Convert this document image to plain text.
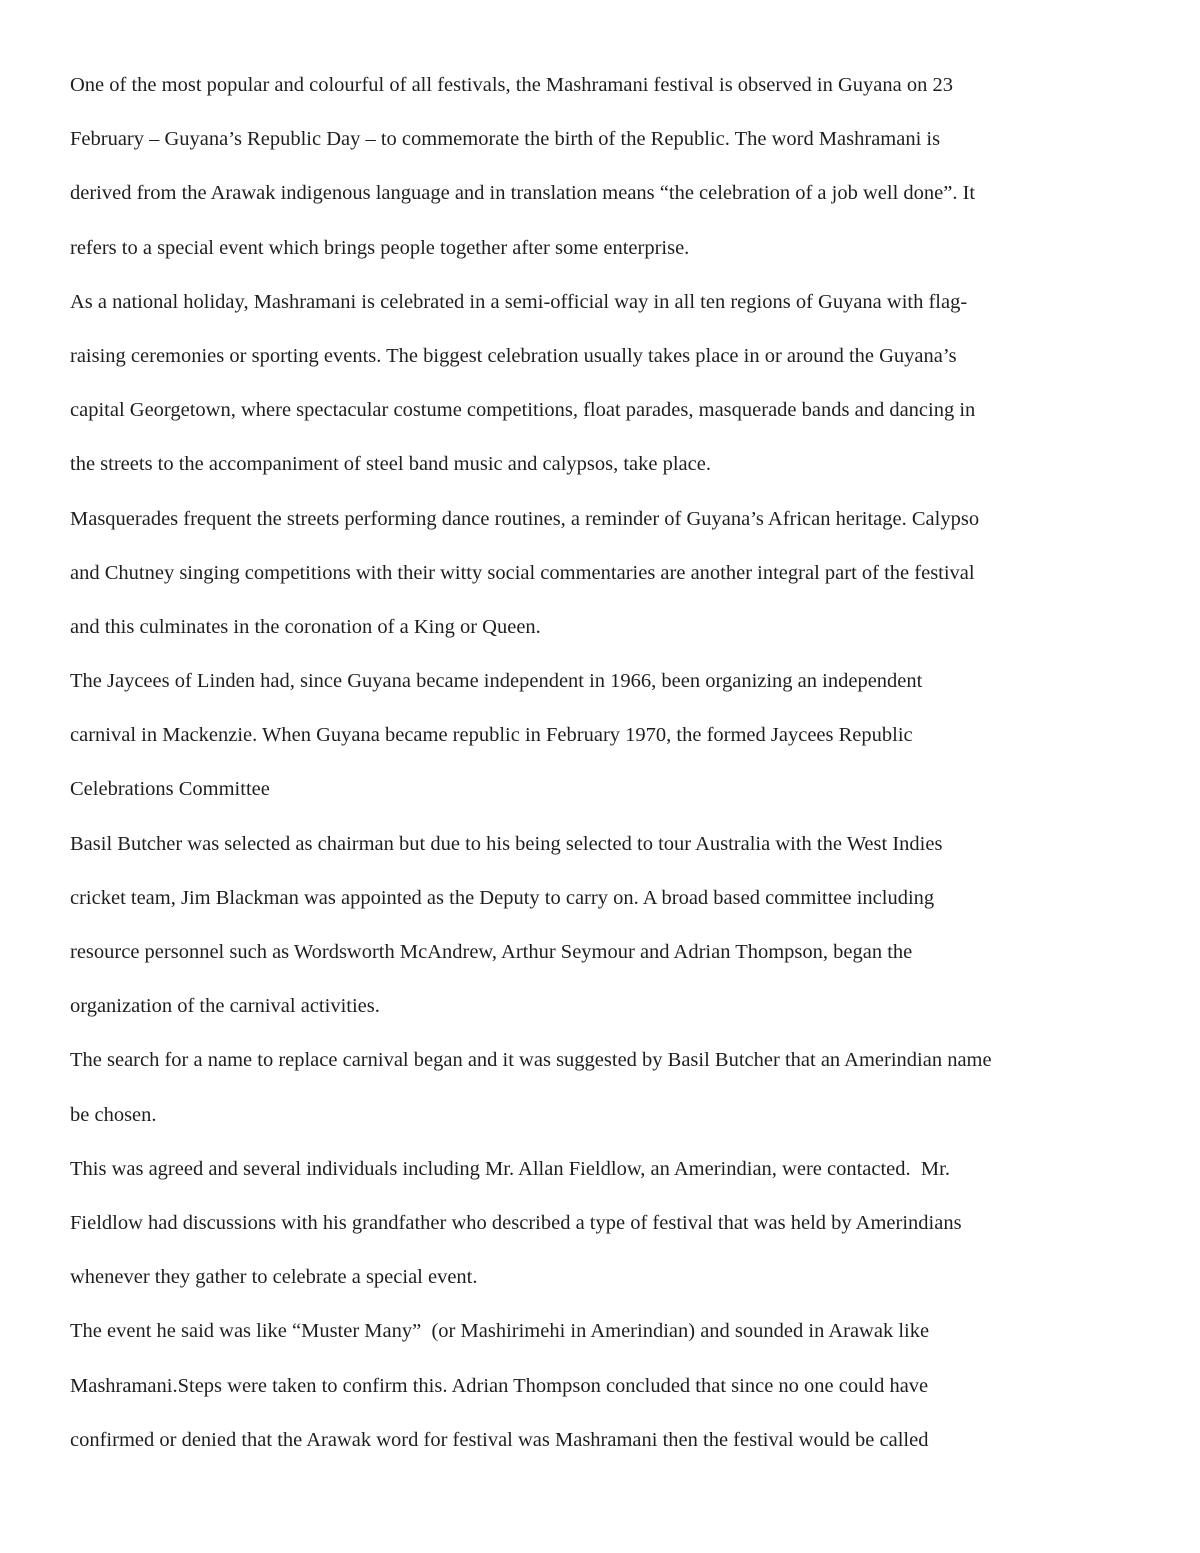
One of the most popular and colourful of all festivals, the Mashramani festival is observed in Guyana on 23
February – Guyana’s Republic Day – to commemorate the birth of the Republic. The word Mashramani is
derived from the Arawak indigenous language and in translation means “the celebration of a job well done”. It
refers to a special event which brings people together after some enterprise.
As a national holiday, Mashramani is celebrated in a semi-official way in all ten regions of Guyana with flag-
raising ceremonies or sporting events. The biggest celebration usually takes place in or around the Guyana’s
capital Georgetown, where spectacular costume competitions, float parades, masquerade bands and dancing in
the streets to the accompaniment of steel band music and calypsos, take place.
Masquerades frequent the streets performing dance routines, a reminder of Guyana’s African heritage. Calypso
and Chutney singing competitions with their witty social commentaries are another integral part of the festival
and this culminates in the coronation of a King or Queen.
The Jaycees of Linden had, since Guyana became independent in 1966, been organizing an independent
carnival in Mackenzie. When Guyana became republic in February 1970, the formed Jaycees Republic
Celebrations Committee
Basil Butcher was selected as chairman but due to his being selected to tour Australia with the West Indies
cricket team, Jim Blackman was appointed as the Deputy to carry on. A broad based committee including
resource personnel such as Wordsworth McAndrew, Arthur Seymour and Adrian Thompson, began the
organization of the carnival activities.
The search for a name to replace carnival began and it was suggested by Basil Butcher that an Amerindian name
be chosen.
This was agreed and several individuals including Mr. Allan Fieldlow, an Amerindian, were contacted.  Mr.
Fieldlow had discussions with his grandfather who described a type of festival that was held by Amerindians
whenever they gather to celebrate a special event.
The event he said was like “Muster Many”  (or Mashirimehi in Amerindian) and sounded in Arawak like
Mashramani.Steps were taken to confirm this. Adrian Thompson concluded that since no one could have
confirmed or denied that the Arawak word for festival was Mashramani then the festival would be called
